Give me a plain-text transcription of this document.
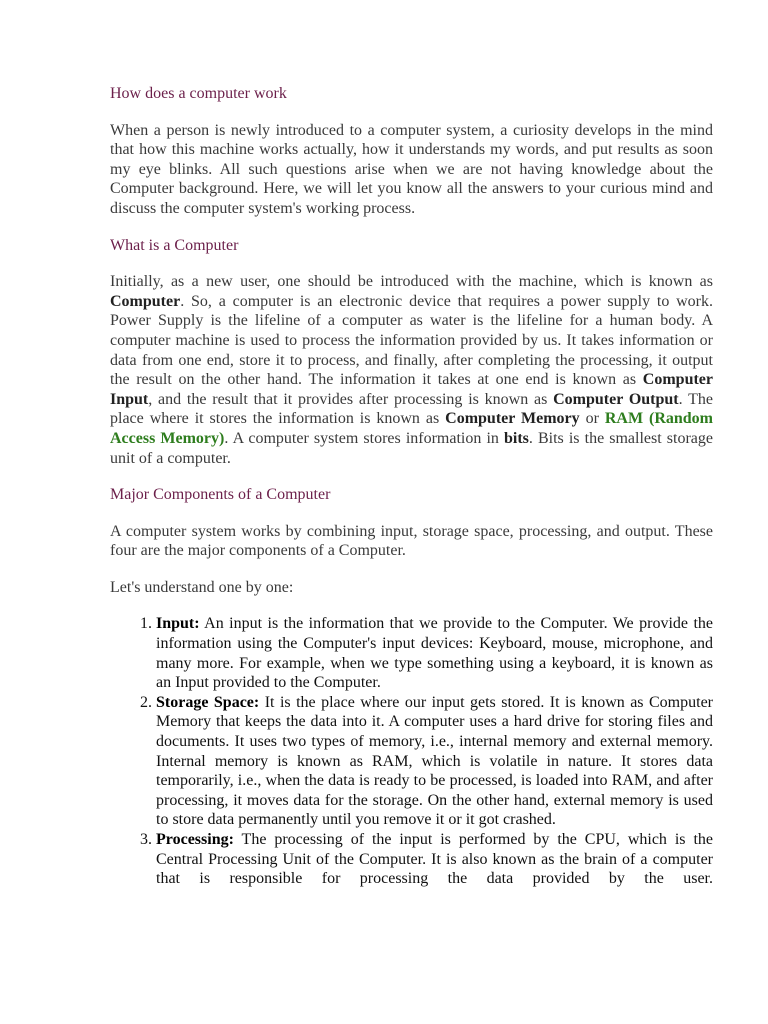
How does a computer work

When a person is newly introduced to a computer system, a curiosity develops in the mind that how this machine works actually, how it understands my words, and put results as soon my eye blinks. All such questions arise when we are not having knowledge about the Computer background. Here, we will let you know all the answers to your curious mind and discuss the computer system's working process.

What is a Computer

Initially, as a new user, one should be introduced with the machine, which is known as Computer. So, a computer is an electronic device that requires a power supply to work. Power Supply is the lifeline of a computer as water is the lifeline for a human body. A computer machine is used to process the information provided by us. It takes information or data from one end, store it to process, and finally, after completing the processing, it output the result on the other hand. The information it takes at one end is known as Computer Input, and the result that it provides after processing is known as Computer Output. The place where it stores the information is known as Computer Memory or RAM (Random Access Memory). A computer system stores information in bits. Bits is the smallest storage unit of a computer.

Major Components of a Computer

A computer system works by combining input, storage space, processing, and output. These four are the major components of a Computer.

Let's understand one by one:

1. Input: An input is the information that we provide to the Computer. We provide the information using the Computer's input devices: Keyboard, mouse, microphone, and many more. For example, when we type something using a keyboard, it is known as an Input provided to the Computer.
2. Storage Space: It is the place where our input gets stored. It is known as Computer Memory that keeps the data into it. A computer uses a hard drive for storing files and documents. It uses two types of memory, i.e., internal memory and external memory. Internal memory is known as RAM, which is volatile in nature. It stores data temporarily, i.e., when the data is ready to be processed, is loaded into RAM, and after processing, it moves data for the storage. On the other hand, external memory is used to store data permanently until you remove it or it got crashed.
3. Processing: The processing of the input is performed by the CPU, which is the Central Processing Unit of the Computer. It is also known as the brain of a computer that is responsible for processing the data provided by the user.
